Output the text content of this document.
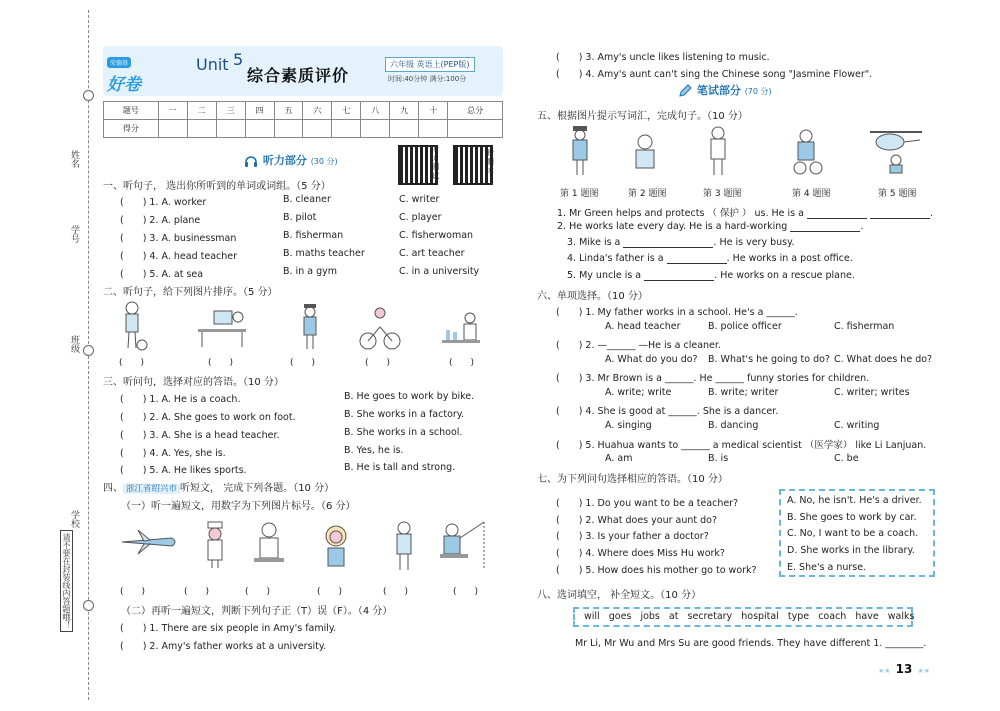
姓名
学号
班级
学校
请不要在封装线内答题哦！
荣德基
好卷
Unit 5
综合素质评价
六年级 英语上(PEP版)
时间:40分钟 满分:100分
题号	一	二	三	四	五	六	七	八	九	十	总分
得分											
听力部分 (30 分)
听
力
测
试
错
题
本
一、听句子， 选出你所听到的单词或词组。（5 分）
(　　) 1. A. worker	B. cleaner	C. writer
(　　) 2. A. plane	B. pilot	C. player
(　　) 3. A. businessman	B. fisherman	C. fisherwoman
(　　) 4. A. head teacher	B. maths teacher	C. art teacher
(　　) 5. A. at sea	B. in a gym	C. in a university
二、听句子，给下列图片排序。（5 分）
(　　)	(　　)	(　　)	(　　)	(　　)
三、听问句，选择对应的答语。（10 分）
(　　) 1. A. He is a coach.	B. He goes to work by bike.
(　　) 2. A. She goes to work on foot.	B. She works in a factory.
(　　) 3. A. She is a head teacher.	B. She works in a school.
(　　) 4. A. Yes, she is.	B. Yes, he is.
(　　) 5. A. He likes sports.	B. He is tall and strong.
四、 浙江省绍兴市 听短文， 完成下列各题。（10 分）
（一）听一遍短文，用数字为下列图片标号。（6 分）
(　　)	(　　)	(　　)	(　　)	(　　)	(　　)
（二）再听一遍短文，判断下列句子正（T）误（F）。（4 分）
(　　) 1. There are six people in Amy's family.
(　　) 2. Amy's father works at a university.
(　　) 3. Amy's uncle likes listening to music.
(　　) 4. Amy's aunt can't sing the Chinese song "Jasmine Flower".
笔试部分 (70 分)
五、根据图片提示写词汇，完成句子。（10 分）
第 1 题图	第 2 题图	第 3 题图	第 4 题图	第 5 题图
1. Mr Green helps and protects （ 保护 ） us. He is a	.
2. He works late every day. He is a hard-working	.
3. Mike is a	. He is very busy.
4. Linda's father is a	. He works in a post office.
5. My uncle is a	. He works on a rescue plane.
六、单项选择。（10 分）
(　　) 1. My father works in a school. He's a ______.
A. head teacher	B. police officer	C. fisherman
(　　) 2. —______ —He is a cleaner.
A. What do you do? B. What's he going to do? C. What does he do?
(　　) 3. Mr Brown is a ______. He ______ funny stories for children.
A. write; write	B. write; writer	C. writer; writes
(　　) 4. She is good at ______. She is a dancer.
A. singing	B. dancing	C. writing
(　　) 5. Huahua wants to ______ a medical scientist （医学家） like Li Lanjuan.
A. am	B. is	C. be
七、为下列问句选择相应的答语。（10 分）
(　　) 1. Do you want to be a teacher?
(　　) 2. What does your aunt do?
(　　) 3. Is your father a doctor?
(　　) 4. Where does Miss Hu work?
(　　) 5. How does his mother go to work?
A. No, he isn't. He's a driver.
B. She goes to work by car.
C. No, I want to be a coach.
D. She works in the library.
E. She's a nurse.
八、选词填空， 补全短文。（10 分）
will   goes   jobs   at   secretary   hospital   type   coach   have   walks
Mr Li, Mr Wu and Mrs Su are good friends. They have different 1. ________.
★★ 13 ★★
